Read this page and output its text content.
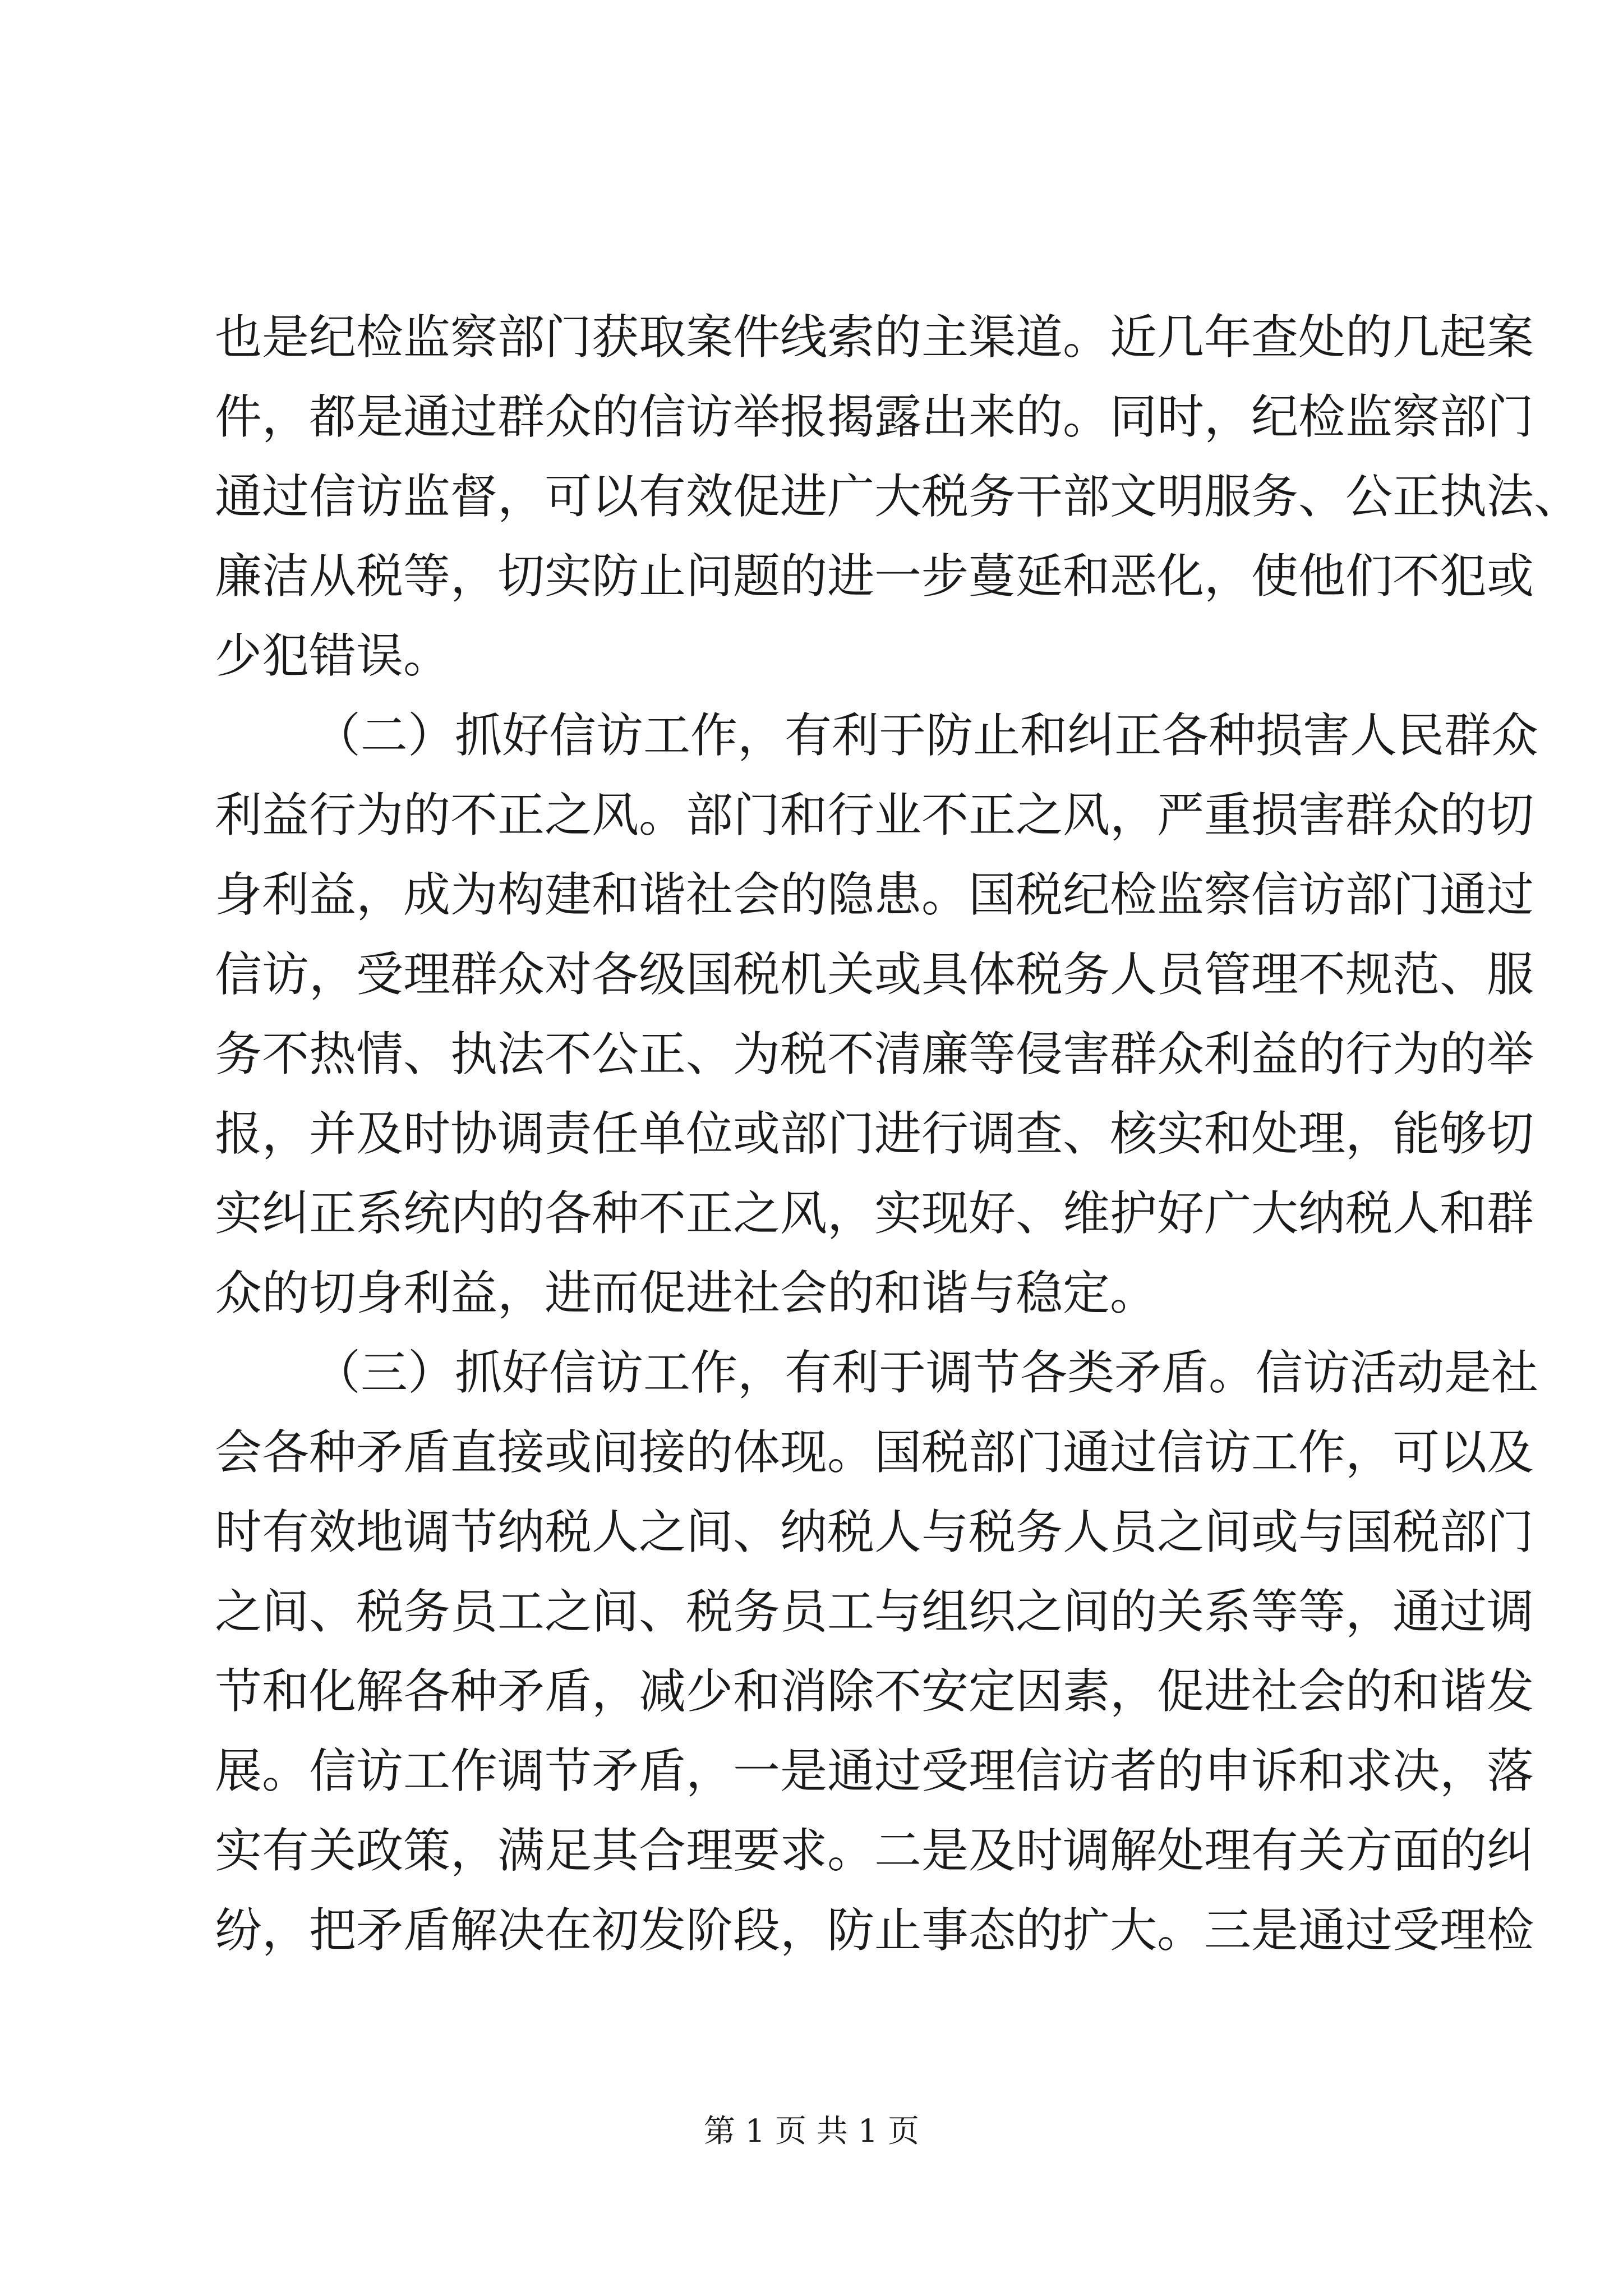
也是纪检监察部门获取案件线索的主渠道。近几年查处的几起案
件，都是通过群众的信访举报揭露出来的。同时，纪检监察部门
通过信访监督，可以有效促进广大税务干部文明服务、公正执法、
廉洁从税等，切实防止问题的进一步蔓延和恶化，使他们不犯或
少犯错误。
（二）抓好信访工作，有利于防止和纠正各种损害人民群众
利益行为的不正之风。部门和行业不正之风，严重损害群众的切
身利益，成为构建和谐社会的隐患。国税纪检监察信访部门通过
信访，受理群众对各级国税机关或具体税务人员管理不规范、服
务不热情、执法不公正、为税不清廉等侵害群众利益的行为的举
报，并及时协调责任单位或部门进行调查、核实和处理，能够切
实纠正系统内的各种不正之风，实现好、维护好广大纳税人和群
众的切身利益，进而促进社会的和谐与稳定。
（三）抓好信访工作，有利于调节各类矛盾。信访活动是社
会各种矛盾直接或间接的体现。国税部门通过信访工作，可以及
时有效地调节纳税人之间、纳税人与税务人员之间或与国税部门
之间、税务员工之间、税务员工与组织之间的关系等等，通过调
节和化解各种矛盾，减少和消除不安定因素，促进社会的和谐发
展。信访工作调节矛盾，一是通过受理信访者的申诉和求决，落
实有关政策，满足其合理要求。二是及时调解处理有关方面的纠
纷，把矛盾解决在初发阶段，防止事态的扩大。三是通过受理检
第 1 页 共 1 页
